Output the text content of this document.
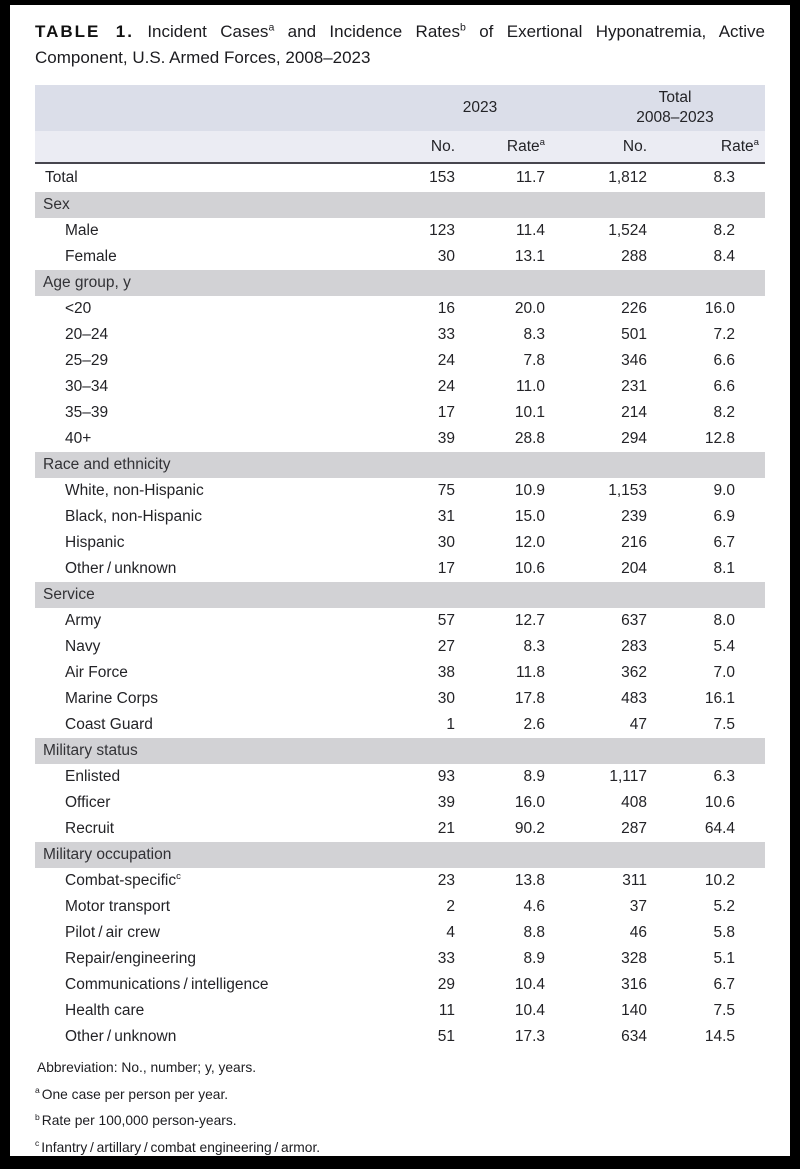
TABLE 1. Incident Cases$^a$ and Incidence Rates$^b$ of Exertional Hyponatremia, Active

Component, U.S. Armed Forces, 2008–2023

	2023		Total
2008–2023	

	No.	Rate$^a$	No.	Rate$^a$
Total	153	11.7	1,812	8.3
Sex				
Male	123	11.4	1,524	8.2
Female	30	13.1	288	8.4
Age group, y				
<20	16	20.0	226	16.0
20–24	33	8.3	501	7.2
25–29	24	7.8	346	6.6
30–34	24	11.0	231	6.6
35–39	17	10.1	214	8.2
40+	39	28.8	294	12.8
Race and ethnicity				
White, non-Hispanic	75	10.9	1,153	9.0
Black, non-Hispanic	31	15.0	239	6.9
Hispanic	30	12.0	216	6.7
Other / unknown	17	10.6	204	8.1
Service				
Army	57	12.7	637	8.0
Navy	27	8.3	283	5.4
Air Force	38	11.8	362	7.0
Marine Corps	30	17.8	483	16.1
Coast Guard	1	2.6	47	7.5
Military status				
Enlisted	93	8.9	1,117	6.3
Officer	39	16.0	408	10.6
Recruit	21	90.2	287	64.4
Military occupation				
Combat-specific$^c$	23	13.8	311	10.2
Motor transport	2	4.6	37	5.2
Pilot / air crew	4	8.8	46	5.8
Repair/engineering	33	8.9	328	5.1
Communications / intelligence	29	10.4	316	6.7
Health care	11	10.4	140	7.5
Other / unknown	51	17.3	634	14.5

Abbreviation: No., number; y, years.

$^a$ One case per person per year.

$^b$ Rate per 100,000 person-years.

$^c$ Infantry / artillary / combat engineering / armor.
